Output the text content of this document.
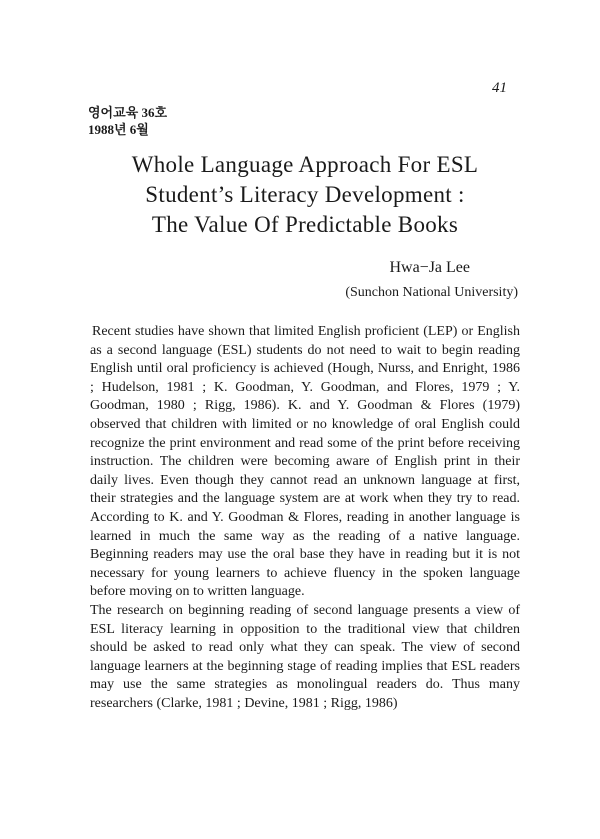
41
영어교육 36호
1988년 6월
Whole Language Approach For ESL
Student’s Literacy Development :
The Value Of Predictable Books
Hwa−Ja Lee
(Sunchon National University)

Recent studies have shown that limited English proficient (LEP) or English as a second language (ESL) students do not need to wait to begin reading English until oral proficiency is achieved (Hough, Nurss, and Enright, 1986 ; Hudelson, 1981 ; K. Goodman, Y. Goodman, and Flores, 1979 ; Y. Goodman, 1980 ; Rigg, 1986). K. and Y. Goodman & Flores (1979) observed that children with limited or no knowledge of oral English could recognize the print environment and read some of the print before receiving instruction. The children were becoming aware of English print in their daily lives. Even though they cannot read an unknown language at first, their strategies and the language system are at work when they try to read. According to K. and Y. Goodman & Flores, reading in another language is learned in much the same way as the reading of a native language. Beginning readers may use the oral base they have in reading but it is not necessary for young learners to achieve fluency in the spoken language before moving on to written language.

The research on beginning reading of second language presents a view of ESL literacy learning in opposition to the traditional view that children should be asked to read only what they can speak. The view of second language learners at the beginning stage of reading implies that ESL readers may use the same strategies as monolingual readers do. Thus many researchers (Clarke, 1981 ; Devine, 1981 ; Rigg, 1986)
